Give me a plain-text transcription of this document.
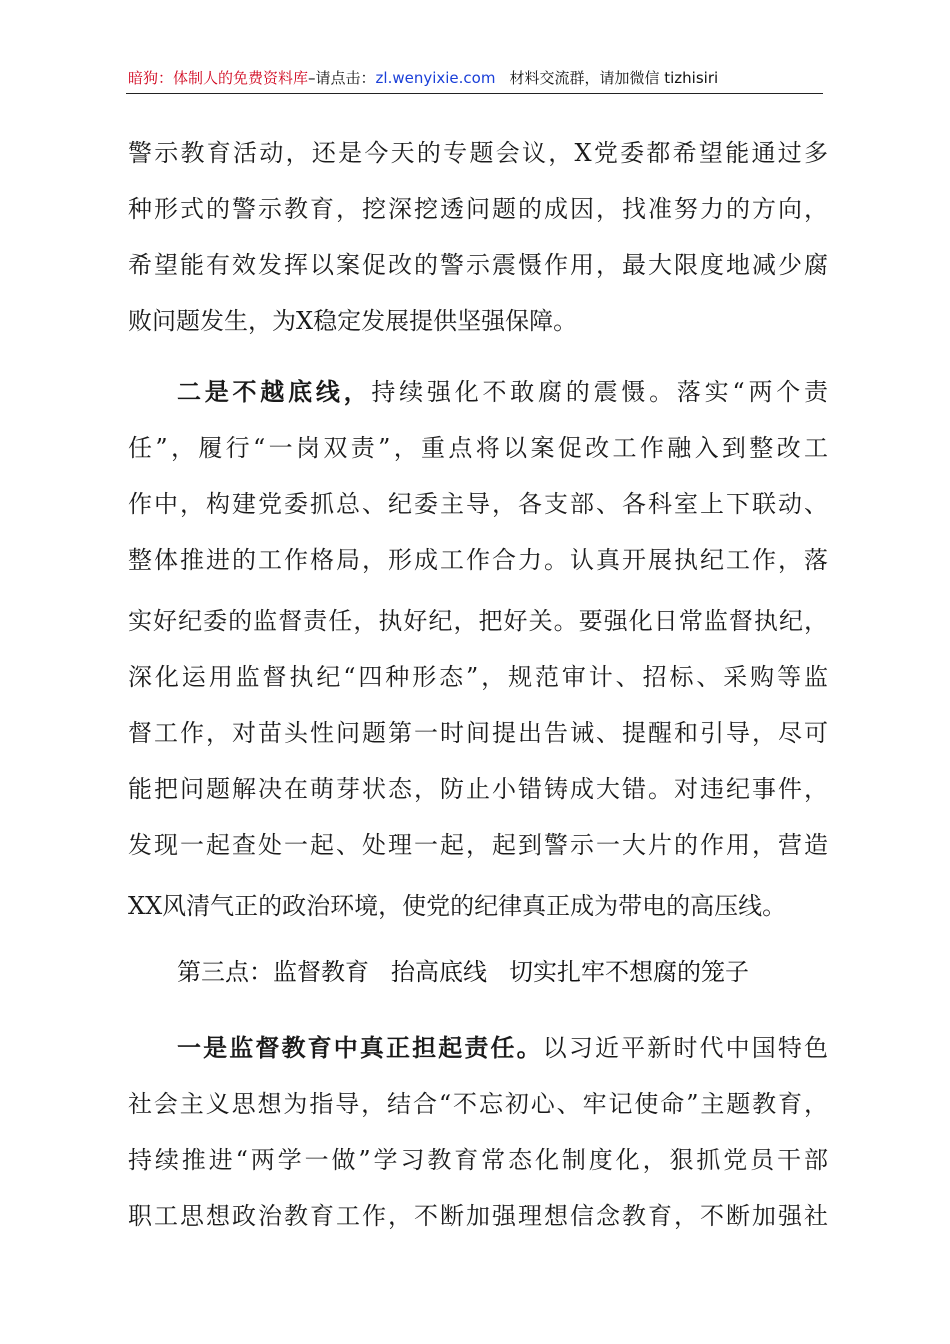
暗狗：体制人的免费资料库–请点击：zl.wenyixie.com 材料交流群，请加微信 tizhisiri
警示教育活动，还是今天的专题会议，X党委都希望能通过多
种形式的警示教育，挖深挖透问题的成因，找准努力的方向，
希望能有效发挥以案促改的警示震慑作用，最大限度地减少腐
败问题发生，为X稳定发展提供坚强保障。
二是不越底线，持续强化不敢腐的震慑。落实“两个责
任”，履行“一岗双责”，重点将以案促改工作融入到整改工
作中，构建党委抓总、纪委主导，各支部、各科室上下联动、
整体推进的工作格局，形成工作合力。认真开展执纪工作，落
实好纪委的监督责任，执好纪，把好关。要强化日常监督执纪，
深化运用监督执纪“四种形态”，规范审计、招标、采购等监
督工作，对苗头性问题第一时间提出告诫、提醒和引导，尽可
能把问题解决在萌芽状态，防止小错铸成大错。对违纪事件，
发现一起查处一起、处理一起，起到警示一大片的作用，营造
XX风清气正的政治环境，使党的纪律真正成为带电的高压线。
第三点：监督教育 抬高底线 切实扎牢不想腐的笼子
一是监督教育中真正担起责任。以习近平新时代中国特色
社会主义思想为指导，结合“不忘初心、牢记使命”主题教育，
持续推进“两学一做”学习教育常态化制度化，狠抓党员干部
职工思想政治教育工作，不断加强理想信念教育，不断加强社
